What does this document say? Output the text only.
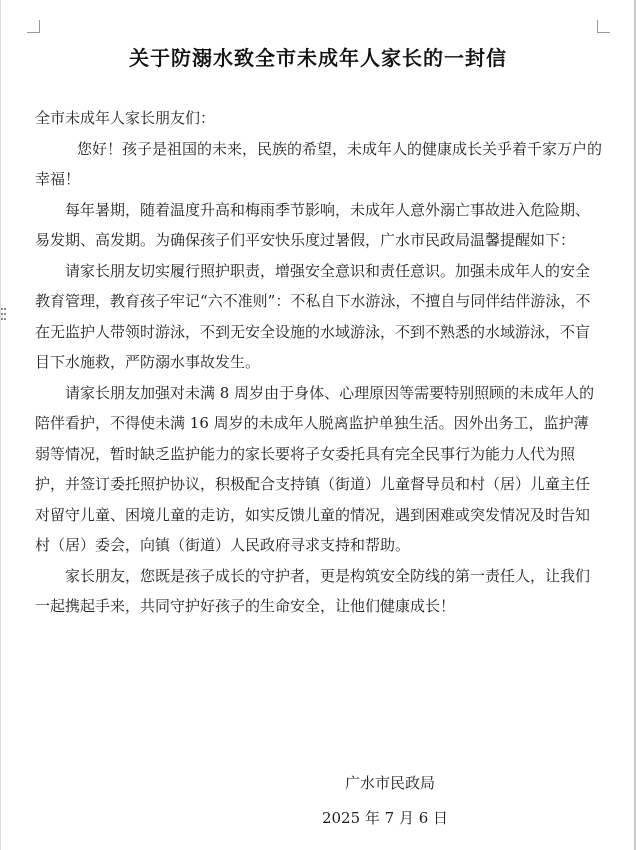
关于防溺水致全市未成年人家长的一封信

全市未成年人家长朋友们：

您好！孩子是祖国的未来，民族的希望，未成年人的健康成长关乎着千家万户的幸福！

每年暑期，随着温度升高和梅雨季节影响，未成年人意外溺亡事故进入危险期、易发期、高发期。为确保孩子们平安快乐度过暑假，广水市民政局温馨提醒如下：

请家长朋友切实履行照护职责，增强安全意识和责任意识。加强未成年人的安全教育管理，教育孩子牢记“六不准则”：不私自下水游泳，不擅自与同伴结伴游泳，不在无监护人带领时游泳，不到无安全设施的水域游泳，不到不熟悉的水域游泳，不盲目下水施救，严防溺水事故发生。

请家长朋友加强对未满 8 周岁由于身体、心理原因等需要特别照顾的未成年人的陪伴看护，不得使未满 16 周岁的未成年人脱离监护单独生活。因外出务工，监护薄弱等情况，暂时缺乏监护能力的家长要将子女委托具有完全民事行为能力人代为照护，并签订委托照护协议，积极配合支持镇（街道）儿童督导员和村（居）儿童主任对留守儿童、困境儿童的走访，如实反馈儿童的情况，遇到困难或突发情况及时告知村（居）委会，向镇（街道）人民政府寻求支持和帮助。

家长朋友，您既是孩子成长的守护者，更是构筑安全防线的第一责任人，让我们一起携起手来，共同守护好孩子的生命安全，让他们健康成长！

广水市民政局
2025 年 7 月 6 日
